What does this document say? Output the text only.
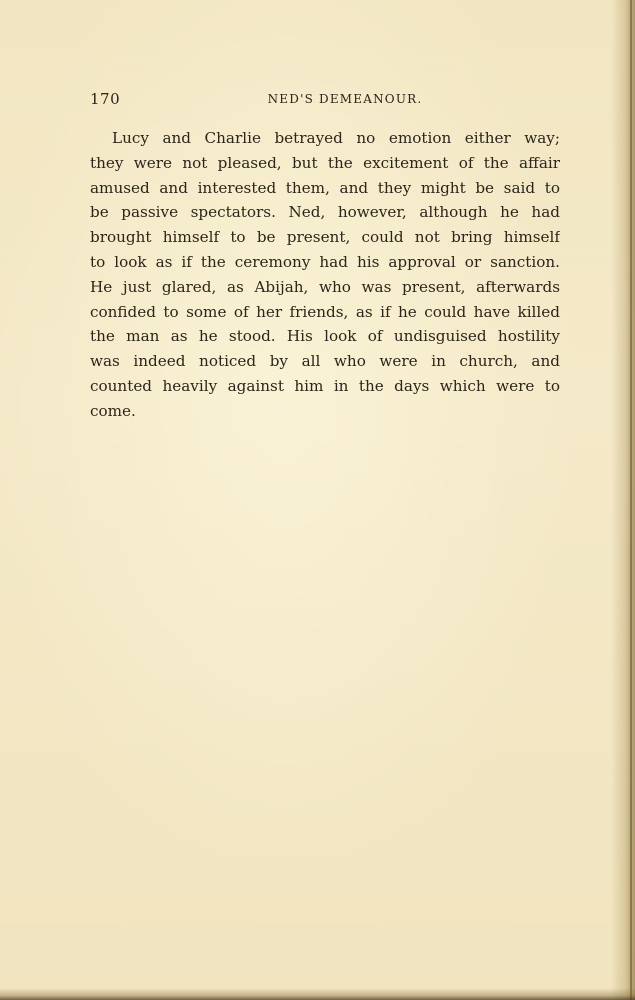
170	NED'S DEMEANOUR.
Lucy and Charlie betrayed no emotion either way;
they were not pleased, but the excitement of the affair
amused and interested them, and they might be said to
be passive spectators. Ned, however, although he had
brought himself to be present, could not bring himself
to look as if the ceremony had his approval or sanction.
He just glared, as Abijah, who was present, afterwards
confided to some of her friends, as if he could have killed
the man as he stood. His look of undisguised hostility
was indeed noticed by all who were in church, and
counted heavily against him in the days which were to
come.
